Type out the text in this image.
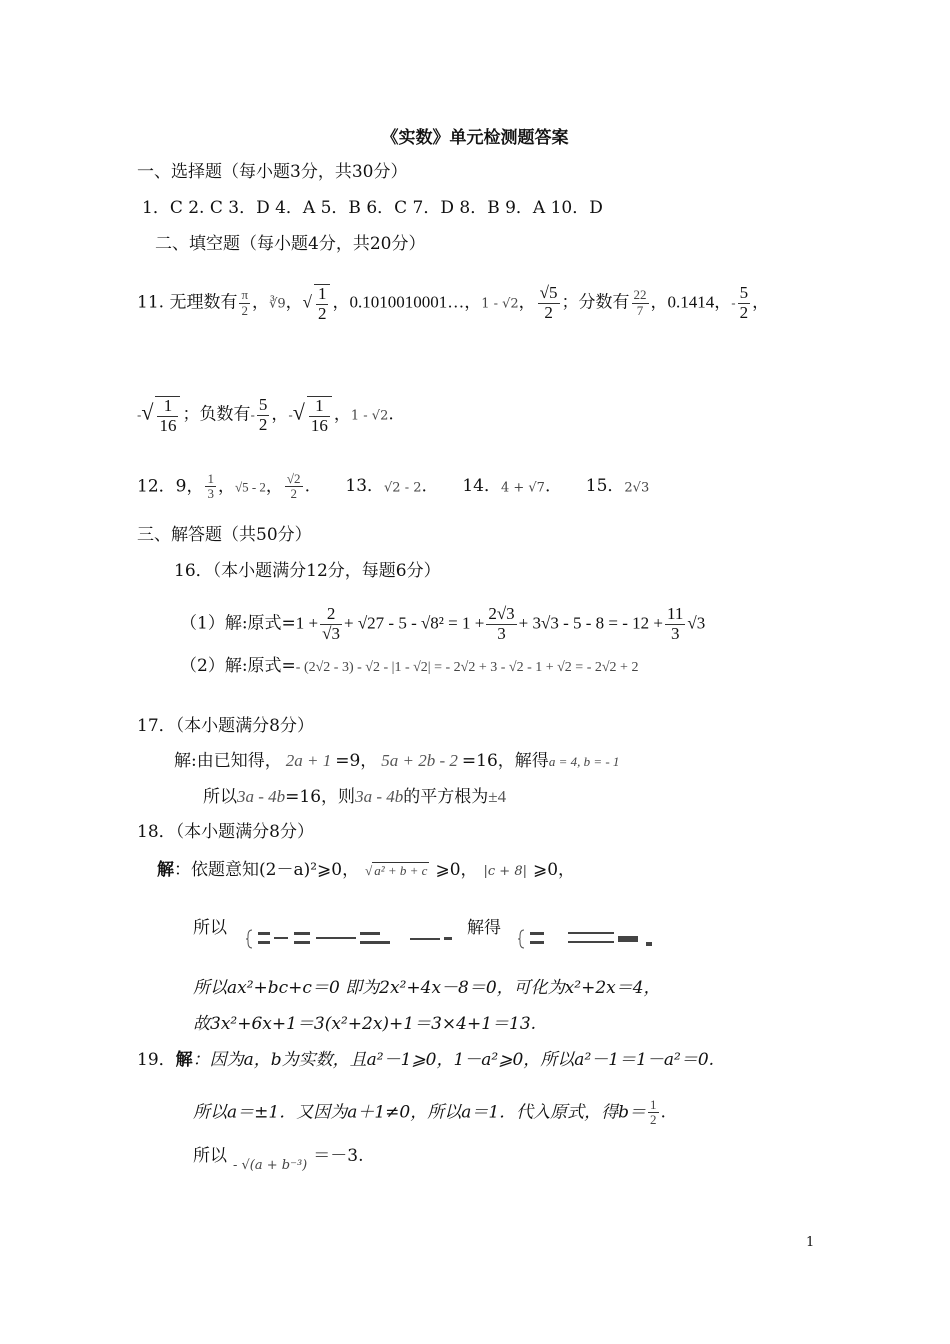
《实数》单元检测题答案
一、选择题（每小题3分，共30分）
1．C 2. C 3．D 4．A 5．B 6．C 7．D 8．B 9．A 10．D
二、填空题（每小题4分，共20分）
11. 无理数有 $\frac{\pi}{2}$ ，∛9，√ $\frac{1}{2}$ ，0.1010010001…，1 - √2， $\frac{√5}{2}$ ；分数有 $\frac{22}{7}$ ，0.1414，- $\frac{5}{2}$ ，
-√ $\frac{1}{16}$ ；负数有- $\frac{5}{2}$ ，-√ $\frac{1}{16}$ ，1 - √2.
12．9， $\frac{1}{3}$ ，√5 - 2， $\frac{√2}{2}$ . 13．√2 - 2. 14．4 + √7. 15．2√3
三、解答题（共50分）
16．（本小题满分12分，每题6分）
（1）解:原式$=1 + \frac{2}{√3} + √27 - 5 - √8^2 = 1 + \frac{2√3}{3} + 3√3 - 5 - 8$ = - $12 + \frac{11}{3} √3$
（2）解:原式=- (2√2 - 3) - √2 - |1 - √2| = - 2√2 + 3 - √2 - 1 + √2 = - 2√2 + 2
17．（本小题满分8分）
解:由已知得， 2a + 1 =9， 5a + 2b - 2 =16，解得a = 4, b = - 1
所以3a - 4b=16，则3a - 4b的平方根为±4
18．（本小题满分8分）
解：依题意知(2－a)²⩾0， √ a² + b + c ⩾0， |c + 8| ⩾0，
所以	解得
所以ax²+bc+c＝0 即为2x²+4x－8＝0，可化为x²+2x＝4，
故3x²+6x+1＝3(x²+2x)+1＝3×4+1＝13.
19．解：因为a，b为实数，且a²－1⩾0，1－a²⩾0，所以a²－1＝1－a²＝0.
所以a＝±1．又因为a＋1≠0，所以a＝1．代入原式，得$b= \frac{1}{2}$ .
所以 $_{- √(a + b^{-3})}$ ＝－3.
1
